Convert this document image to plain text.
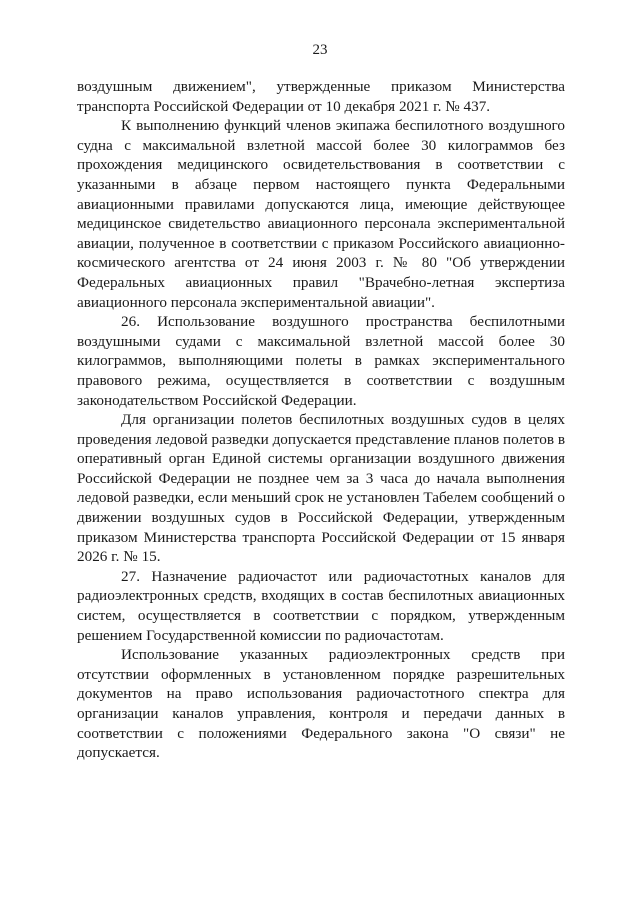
23

воздушным движением", утвержденные приказом Министерства транспорта Российской Федерации от 10 декабря 2021 г. № 437.

К выполнению функций членов экипажа беспилотного воздушного судна с максимальной взлетной массой более 30 килограммов без прохождения медицинского освидетельствования в соответствии с указанными в абзаце первом настоящего пункта Федеральными авиационными правилами допускаются лица, имеющие действующее медицинское свидетельство авиационного персонала экспериментальной авиации, полученное в соответствии с приказом Российского авиационно-космического агентства от 24 июня 2003 г. № 80 "Об утверждении Федеральных авиационных правил "Врачебно-летная экспертиза авиационного персонала экспериментальной авиации".

26. Использование воздушного пространства беспилотными воздушными судами с максимальной взлетной массой более 30 килограммов, выполняющими полеты в рамках экспериментального правового режима, осуществляется в соответствии с воздушным законодательством Российской Федерации.

Для организации полетов беспилотных воздушных судов в целях проведения ледовой разведки допускается представление планов полетов в оперативный орган Единой системы организации воздушного движения Российской Федерации не позднее чем за 3 часа до начала выполнения ледовой разведки, если меньший срок не установлен Табелем сообщений о движении воздушных судов в Российской Федерации, утвержденным приказом Министерства транспорта Российской Федерации от 15 января 2026 г. № 15.

27. Назначение радиочастот или радиочастотных каналов для радиоэлектронных средств, входящих в состав беспилотных авиационных систем, осуществляется в соответствии с порядком, утвержденным решением Государственной комиссии по радиочастотам.

Использование указанных радиоэлектронных средств при отсутствии оформленных в установленном порядке разрешительных документов на право использования радиочастотного спектра для организации каналов управления, контроля и передачи данных в соответствии с положениями Федерального закона "О связи" не допускается.
